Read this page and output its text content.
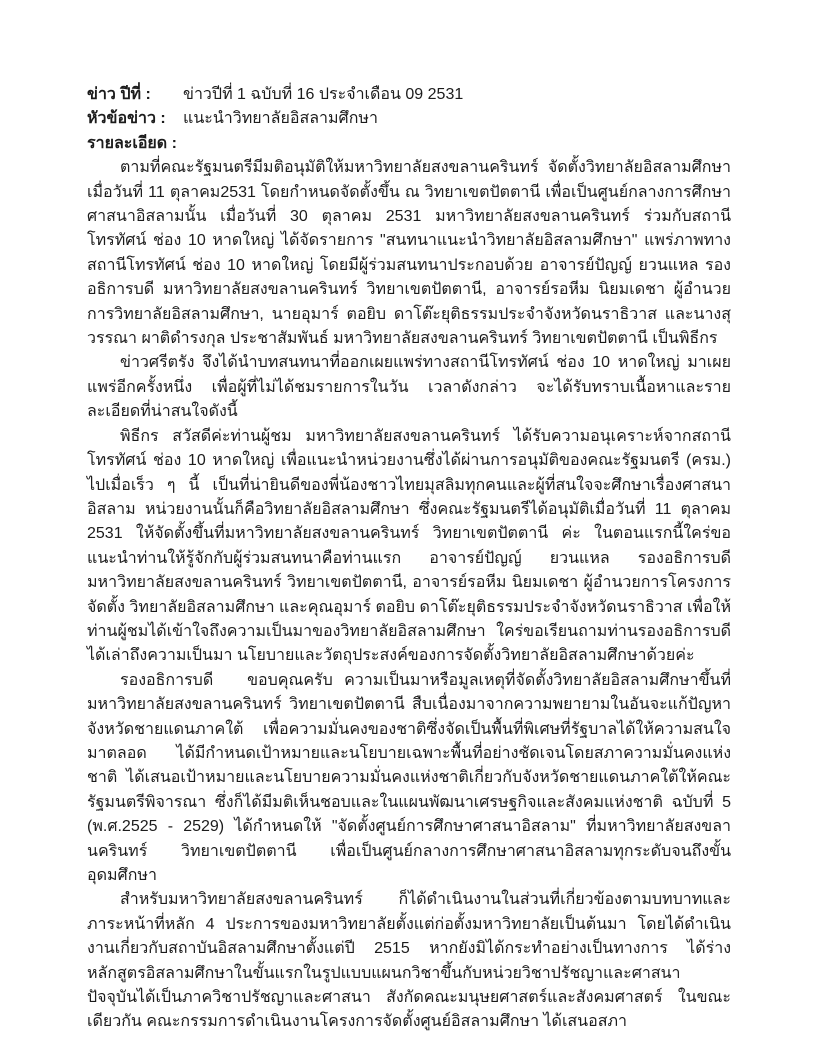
ข่าว ปีที่ :	ข่าวปีที่ 1 ฉบับที่ 16 ประจำเดือน 09 2531
หัวข้อข่าว :	แนะนำวิทยาลัยอิสลามศึกษา
รายละเอียด :

ตามที่คณะรัฐมนตรีมีมติอนุมัติให้มหาวิทยาลัยสงขลานครินทร์ จัดตั้งวิทยาลัยอิสลามศึกษา เมื่อวันที่ 11 ตุลาคม2531 โดยกำหนดจัดตั้งขึ้น ณ วิทยาเขตปัตตานี เพื่อเป็นศูนย์กลางการศึกษาศาสนาอิสลามนั้น เมื่อวันที่ 30 ตุลาคม 2531 มหาวิทยาลัยสงขลานครินทร์ ร่วมกับสถานีโทรทัศน์ ช่อง 10 หาดใหญ่ ได้จัดรายการ "สนทนาแนะนำวิทยาลัยอิสลามศึกษา" แพร่ภาพทางสถานีโทรทัศน์ ช่อง 10 หาดใหญ่ โดยมีผู้ร่วมสนทนาประกอบด้วย อาจารย์ปัญญ์ ยวนแหล รองอธิการบดี มหาวิทยาลัยสงขลานครินทร์ วิทยาเขตปัตตานี, อาจารย์รอหีม นิยมเดชา ผู้อำนวยการวิทยาลัยอิสลามศึกษา, นายอุมาร์ ตอยิบ ดาโต๊ะยุติธรรมประจำจังหวัดนราธิวาส และนางสุวรรณา ผาติดำรงกุล ประชาสัมพันธ์ มหาวิทยาลัยสงขลานครินทร์ วิทยาเขตปัตตานี เป็นพิธีกร

ข่าวศรีตรัง จึงได้นำบทสนทนาที่ออกเผยแพร่ทางสถานีโทรทัศน์ ช่อง 10 หาดใหญ่ มาเผยแพร่อีกครั้งหนึ่ง เพื่อผู้ที่ไม่ได้ชมรายการในวัน เวลาดังกล่าว จะได้รับทราบเนื้อหาและรายละเอียดที่น่าสนใจดังนี้

พิธีกร สวัสดีค่ะท่านผู้ชม มหาวิทยาลัยสงขลานครินทร์ ได้รับความอนุเคราะห์จากสถานีโทรทัศน์ ช่อง 10 หาดใหญ่ เพื่อแนะนำหน่วยงานซึ่งได้ผ่านการอนุมัติของคณะรัฐมนตรี (ครม.) ไปเมื่อเร็ว ๆ นี้ เป็นที่น่ายินดีของพี่น้องชาวไทยมุสลิมทุกคนและผู้ที่สนใจจะศึกษาเรื่องศาสนาอิสลาม หน่วยงานนั้นก็คือวิทยาลัยอิสลามศึกษา ซึ่งคณะรัฐมนตรีได้อนุมัติเมื่อวันที่ 11 ตุลาคม 2531 ให้จัดตั้งขึ้นที่มหาวิทยาลัยสงขลานครินทร์ วิทยาเขตปัตตานี ค่ะ ในตอนแรกนี้ใคร่ขอแนะนำท่านให้รู้จักกับผู้ร่วมสนทนาคือท่านแรก อาจารย์ปัญญ์ ยวนแหล รองอธิการบดีมหาวิทยาลัยสงขลานครินทร์ วิทยาเขตปัตตานี, อาจารย์รอหีม นิยมเดชา ผู้อำนวยการโครงการจัดตั้ง วิทยาลัยอิสลามศึกษา และคุณอุมาร์ ตอยิบ ดาโต๊ะยุติธรรมประจำจังหวัดนราธิวาส เพื่อให้ท่านผู้ชมได้เข้าใจถึงความเป็นมาของวิทยาลัยอิสลามศึกษา ใคร่ขอเรียนถามท่านรองอธิการบดีได้เล่าถึงความเป็นมา นโยบายและวัตถุประสงค์ของการจัดตั้งวิทยาลัยอิสลามศึกษาด้วยค่ะ

รองอธิการบดี   ขอบคุณครับ ความเป็นมาหรือมูลเหตุที่จัดตั้งวิทยาลัยอิสลามศึกษาขึ้นที่มหาวิทยาลัยสงขลานครินทร์ วิทยาเขตปัตตานี สืบเนื่องมาจากความพยายามในอันจะแก้ปัญหาจังหวัดชายแดนภาคใต้ เพื่อความมั่นคงของชาติซึ่งจัดเป็นพื้นที่พิเศษที่รัฐบาลได้ให้ความสนใจมาตลอด ได้มีกำหนดเป้าหมายและนโยบายเฉพาะพื้นที่อย่างชัดเจนโดยสภาความมั่นคงแห่งชาติ ได้เสนอเป้าหมายและนโยบายความมั่นคงแห่งชาติเกี่ยวกับจังหวัดชายแดนภาคใต้ให้คณะรัฐมนตรีพิจารณา ซึ่งก็ได้มีมติเห็นชอบและในแผนพัฒนาเศรษฐกิจและสังคมแห่งชาติ ฉบับที่ 5 (พ.ศ.2525 - 2529) ได้กำหนดให้ "จัดตั้งศูนย์การศึกษาศาสนาอิสลาม" ที่มหาวิทยาลัยสงขลานครินทร์ วิทยาเขตปัตตานี เพื่อเป็นศูนย์กลางการศึกษาศาสนาอิสลามทุกระดับจนถึงขั้นอุดมศึกษา

สำหรับมหาวิทยาลัยสงขลานครินทร์ ก็ได้ดำเนินงานในส่วนที่เกี่ยวข้องตามบทบาทและภาระหน้าที่หลัก 4 ประการของมหาวิทยาลัยตั้งแต่ก่อตั้งมหาวิทยาลัยเป็นต้นมา โดยได้ดำเนินงานเกี่ยวกับสถาบันอิสลามศึกษาตั้งแต่ปี 2515 หากยังมิได้กระทำอย่างเป็นทางการ ได้ร่างหลักสูตรอิสลามศึกษาในขั้นแรกในรูปแบบแผนกวิชาขึ้นกับหน่วยวิชาปรัชญาและศาสนา ปัจจุบันได้เป็นภาควิชาปรัชญาและศาสนา สังกัดคณะมนุษยศาสตร์และสังคมศาสตร์ ในขณะเดียวกัน คณะกรรมการดำเนินงานโครงการจัดตั้งศูนย์อิสลามศึกษา ได้เสนอสภา
